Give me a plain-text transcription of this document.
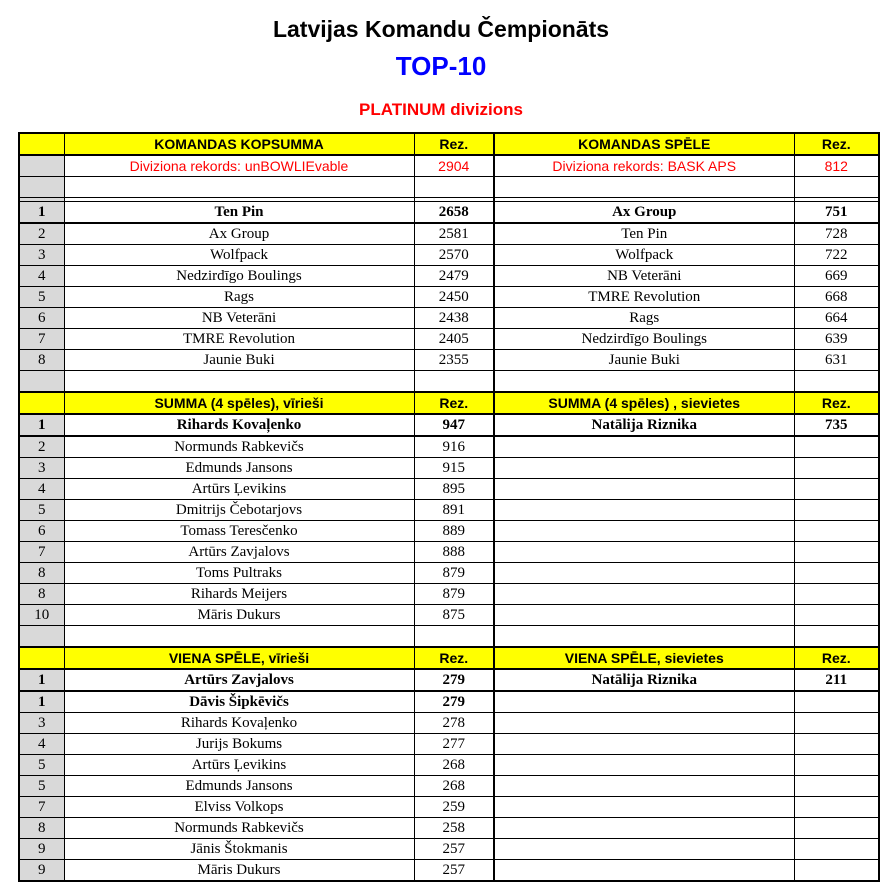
Latvijas Komandu Čempionāts
TOP-10
PLATINUM divizions
	KOMANDAS KOPSUMMA	Rez.	KOMANDAS SPĒLE	Rez.
	Diviziona rekords: unBOWLIEvable	2904	Diviziona rekords: BASK APS	812

1	Ten Pin	2658	Ax Group	751
2	Ax Group	2581	Ten Pin	728
3	Wolfpack	2570	Wolfpack	722
4	Nedzirdīgo Boulings	2479	NB Veterāni	669
5	Rags	2450	TMRE Revolution	668
6	NB Veterāni	2438	Rags	664
7	TMRE Revolution	2405	Nedzirdīgo Boulings	639
8	Jaunie Buki	2355	Jaunie Buki	631

	SUMMA (4 spēles), vīrieši	Rez.	SUMMA (4 spēles) , sievietes	Rez.
1	Rihards Kovaļenko	947	Natālija Riznika	735
2	Normunds Rabkevičs	916		
3	Edmunds Jansons	915		
4	Artūrs Ļevikins	895		
5	Dmitrijs Čebotarjovs	891		
6	Tomass Teresčenko	889		
7	Artūrs Zavjalovs	888		
8	Toms Pultraks	879		
8	Rihards Meijers	879		
10	Māris Dukurs	875		

	VIENA SPĒLE, vīrieši	Rez.	VIENA SPĒLE, sievietes	Rez.
1	Artūrs Zavjalovs	279	Natālija Riznika	211
1	Dāvis Šipkēvičs	279		
3	Rihards Kovaļenko	278		
4	Jurijs Bokums	277		
5	Artūrs Ļevikins	268		
5	Edmunds Jansons	268		
7	Elviss Volkops	259		
8	Normunds Rabkevičs	258		
9	Jānis Štokmanis	257		
9	Māris Dukurs	257		
